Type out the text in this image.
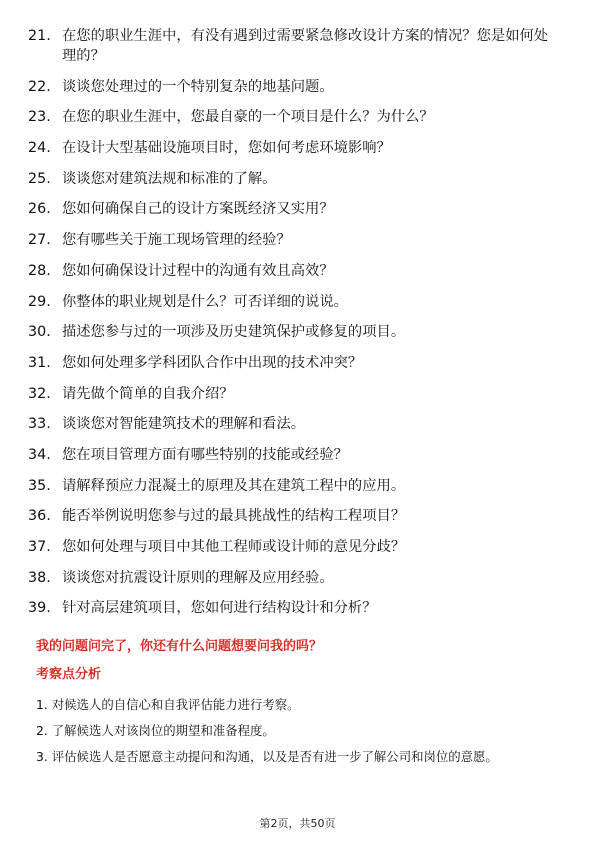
21. 在您的职业生涯中，有没有遇到过需要紧急修改设计方案的情况？您是如何处理的？
22. 谈谈您处理过的一个特别复杂的地基问题。
23. 在您的职业生涯中，您最自豪的一个项目是什么？为什么？
24. 在设计大型基础设施项目时，您如何考虑环境影响？
25. 谈谈您对建筑法规和标准的了解。
26. 您如何确保自己的设计方案既经济又实用？
27. 您有哪些关于施工现场管理的经验？
28. 您如何确保设计过程中的沟通有效且高效？
29. 你整体的职业规划是什么？可否详细的说说。
30. 描述您参与过的一项涉及历史建筑保护或修复的项目。
31. 您如何处理多学科团队合作中出现的技术冲突？
32. 请先做个简单的自我介绍？
33. 谈谈您对智能建筑技术的理解和看法。
34. 您在项目管理方面有哪些特别的技能或经验？
35. 请解释预应力混凝土的原理及其在建筑工程中的应用。
36. 能否举例说明您参与过的最具挑战性的结构工程项目？
37. 您如何处理与项目中其他工程师或设计师的意见分歧？
38. 谈谈您对抗震设计原则的理解及应用经验。
39. 针对高层建筑项目，您如何进行结构设计和分析？
我的问题问完了，你还有什么问题想要问我的吗？
考察点分析
1. 对候选人的自信心和自我评估能力进行考察。
2. 了解候选人对该岗位的期望和准备程度。
3. 评估候选人是否愿意主动提问和沟通，以及是否有进一步了解公司和岗位的意愿。
第2页，共50页
